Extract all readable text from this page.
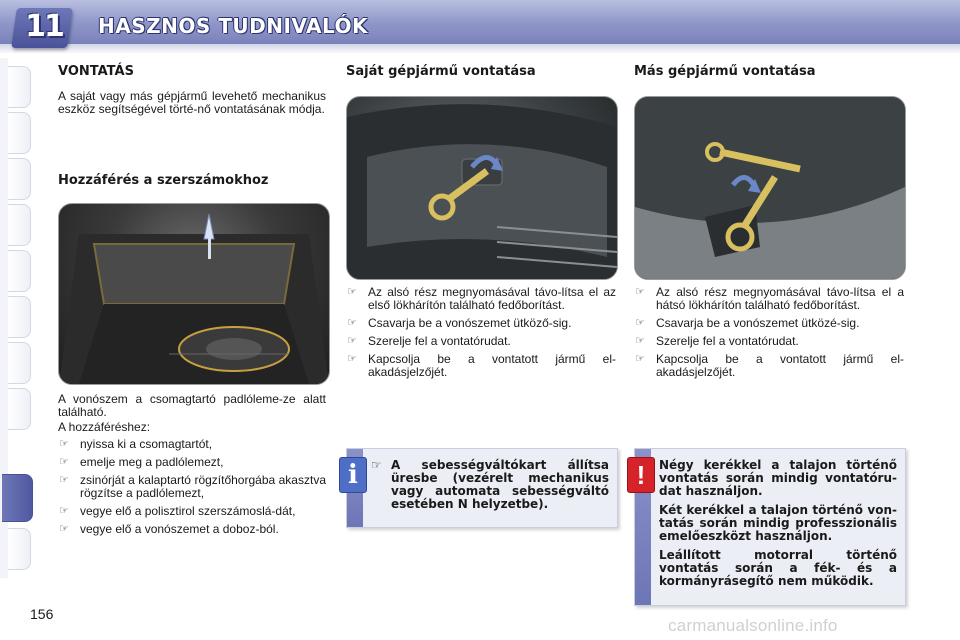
11 HASZNOS TUDNIVALÓK
VONTATÁS
A saját vagy más gépjármű levehető mechanikus eszköz segítségével törté-nő vontatásának módja.
Hozzáférés a szerszámokhoz
A vonószem a csomagtartó padlóleme-ze alatt található.
A hozzáféréshez:
☞ nyissa ki a csomagtartót,
☞ emelje meg a padlólemezt,
☞ zsinórját a kalaptartó rögzítőhorgába akasztva rögzítse a padlólemezt,
☞ vegye elő a polisztirol szerszámoslá-dát,
☞ vegye elő a vonószemet a doboz-ból.
Saját gépjármű vontatása
☞ Az alsó rész megnyomásával távo-lítsa el az első lökhárítón található fedőborítást.
☞ Csavarja be a vonószemet ütköző-sig.
☞ Szerelje fel a vontatórudat.
☞ Kapcsolja be a vontatott jármű el-akadásjelzőjét.
i	☞ A sebességváltókart állítsa üresbe (vezérelt mechanikus vagy automata sebességváltó esetében N helyzetbe).

Más gépjármű vontatása
☞ Az alsó rész megnyomásával távo-lítsa el a hátsó lökhárítón található fedőborítást.
☞ Csavarja be a vonószemet ütközé-sig.
☞ Szerelje fel a vontatórudat.
☞ Kapcsolja be a vontatott jármű el-akadásjelzőjét.
!	Négy kerékkel a talajon történő vontatás során mindig vontatóru-dat használjon.

Két kerékkel a talajon történő von-tatás során mindig professzionális emelőeszközt használjon.

Leállított motorral történő vontatás során a fék- és a kormányrásegítő nem működik.

156
carmanualsonline.info
